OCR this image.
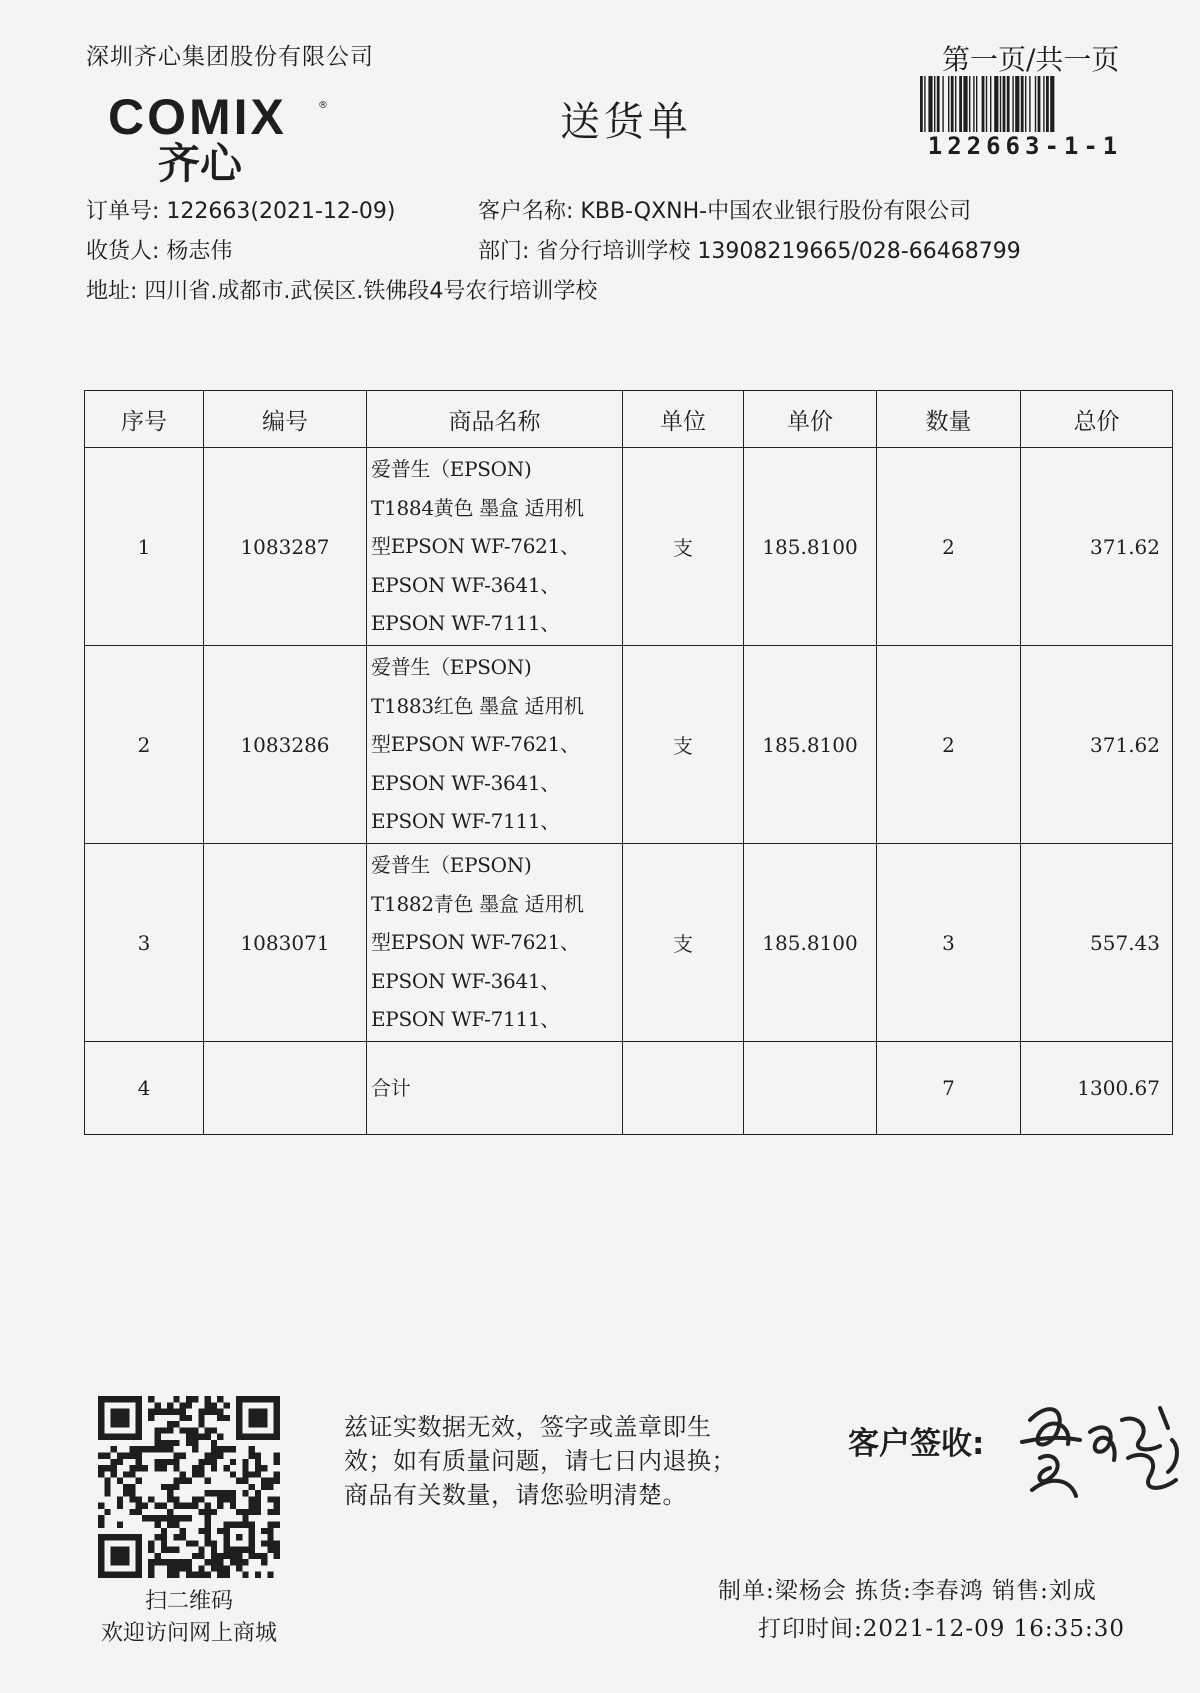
深圳齐心集团股份有限公司	第一页/共一页
122663-1-1
COMIX	®
齐心
送货单
订单号: 122663(2021-12-09)	客户名称: KBB-QXNH-中国农业银行股份有限公司
收货人: 杨志伟	部门: 省分行培训学校 13908219665/028-66468799
地址: 四川省.成都市.武侯区.铁佛段4号农行培训学校
序号	编号	商品名称	单位	单价	数量	总价
1	1083287	爱普生（EPSON)
T1884黄色 墨盒 适用机
型EPSON WF-7621、
EPSON WF-3641、
EPSON WF-7111、	支	185.8100	2	371.62
2	1083286	爱普生（EPSON)
T1883红色 墨盒 适用机
型EPSON WF-7621、
EPSON WF-3641、
EPSON WF-7111、	支	185.8100	2	371.62
3	1083071	爱普生（EPSON)
T1882青色 墨盒 适用机
型EPSON WF-7621、
EPSON WF-3641、
EPSON WF-7111、	支	185.8100	3	557.43
4		合计			7	1300.67
扫二维码
欢迎访问网上商城
兹证实数据无效，签字或盖章即生
效；如有质量问题，请七日内退换；
商品有关数量，请您验明清楚。
客户签收:
制单:梁杨会 拣货:李春鸿 销售:刘成
打印时间:2021-12-09 16:35:30
